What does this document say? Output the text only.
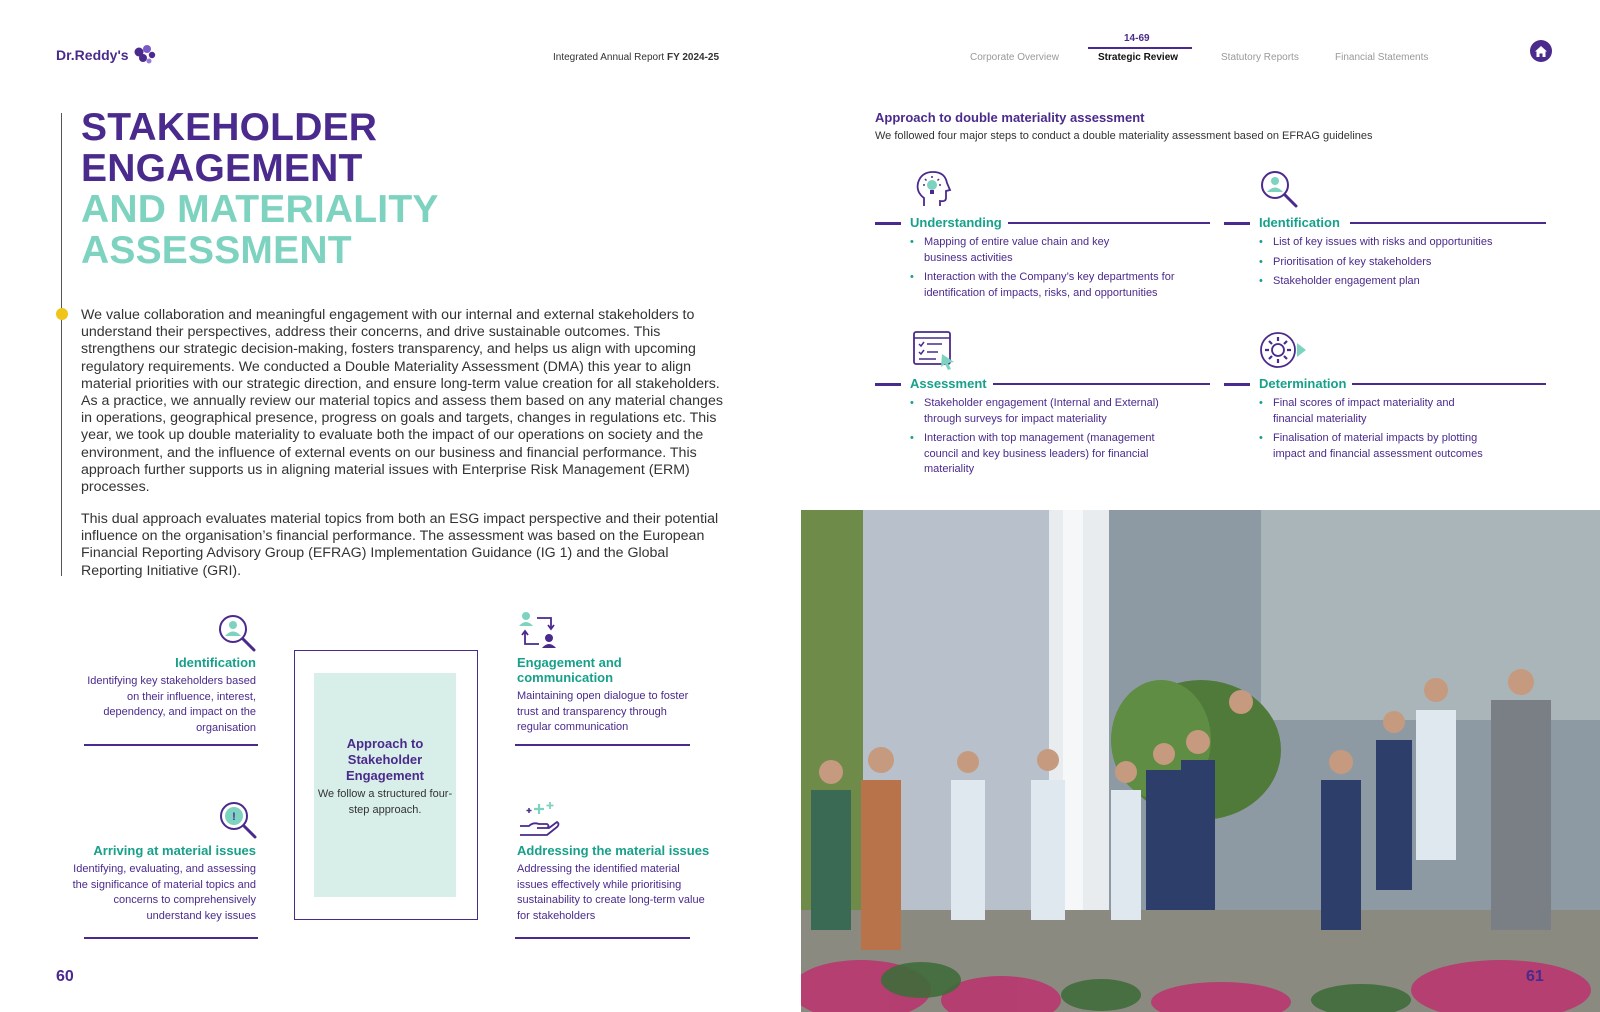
Dr.Reddy's	Integrated Annual Report FY 2024-25
14-69
Corporate Overview	Strategic Review	Statutory Reports	Financial Statements
STAKEHOLDER
ENGAGEMENT
AND MATERIALITY
ASSESSMENT

We value collaboration and meaningful engagement with our internal and external stakeholders to understand their perspectives, address their concerns, and drive sustainable outcomes. This strengthens our strategic decision-making, fosters transparency, and helps us align with upcoming regulatory requirements. We conducted a Double Materiality Assessment (DMA) this year to align material priorities with our strategic direction, and ensure long-term value creation for all stakeholders. As a practice, we annually review our material topics and assess them based on any material changes in operations, geographical presence, progress on goals and targets, changes in regulations etc. This year, we took up double materiality to evaluate both the impact of our operations on society and the environment, and the influence of external events on our business and financial performance. This approach further supports us in aligning material issues with Enterprise Risk Management (ERM) processes.

This dual approach evaluates material topics from both an ESG impact perspective and their potential influence on the organisation’s financial performance. The assessment was based on the European Financial Reporting Advisory Group (EFRAG) Implementation Guidance (IG 1) and the Global Reporting Initiative (GRI).

Identification
Identifying key stakeholders based on their influence, interest, dependency, and impact on the organisation
Engagement and communication
Maintaining open dialogue to foster trust and transparency through regular communication
Approach to Stakeholder Engagement
We follow a structured four-step approach.
!
Arriving at material issues
Identifying, evaluating, and assessing the significance of material topics and concerns to comprehensively understand key issues
Addressing the material issues
Addressing the identified material issues effectively while prioritising sustainability to create long-term value for stakeholders
60
Approach to double materiality assessment
We followed four major steps to conduct a double materiality assessment based on EFRAG guidelines
Understanding
• Mapping of entire value chain and key business activities
• Interaction with the Company’s key departments for identification of impacts, risks, and opportunities
Identification
• List of key issues with risks and opportunities
• Prioritisation of key stakeholders
• Stakeholder engagement plan
Assessment
• Stakeholder engagement (Internal and External) through surveys for impact materiality
• Interaction with top management (management council and key business leaders) for financial materiality
Determination
• Final scores of impact materiality and financial materiality
• Finalisation of material impacts by plotting impact and financial assessment outcomes
61
